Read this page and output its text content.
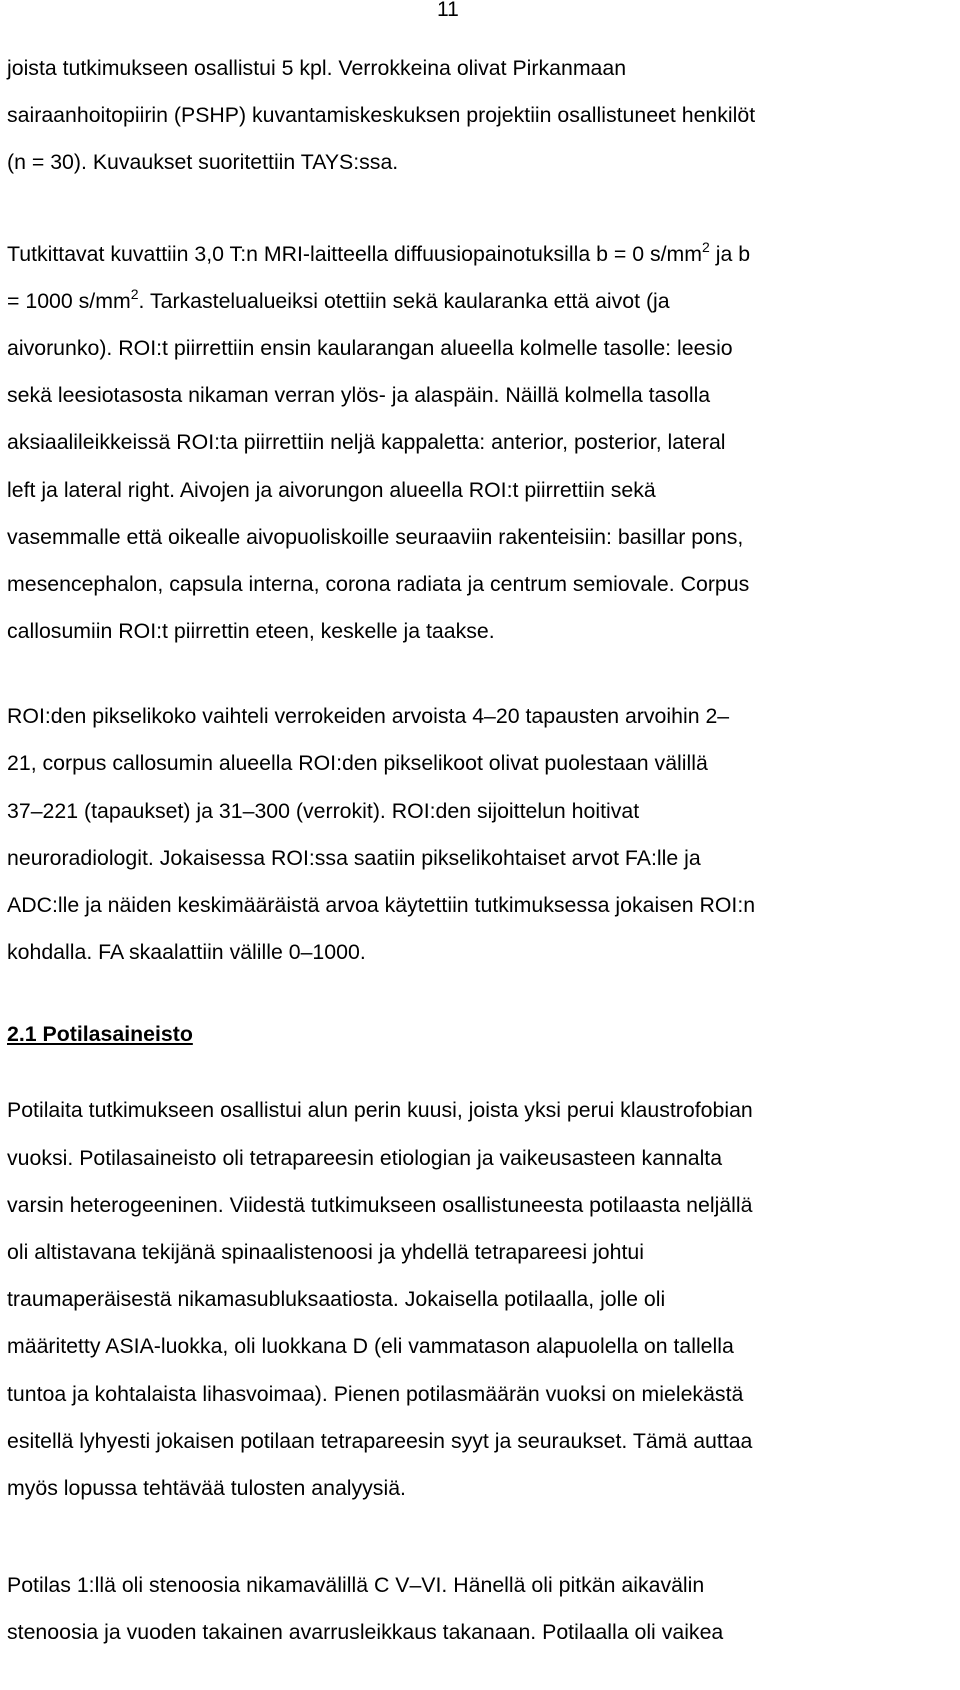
11

joista tutkimukseen osallistui 5 kpl. Verrokkeina olivat Pirkanmaan
sairaanhoitopiirin (PSHP) kuvantamiskeskuksen projektiin osallistuneet henkilöt
(n = 30). Kuvaukset suoritettiin TAYS:ssa.

Tutkittavat kuvattiin 3,0 T:n MRI-laitteella diffuusiopainotuksilla b = 0 $s/mm^2$ ja b
= 1000 $s/mm^2$. Tarkastelualueiksi otettiin sekä kaularanka että aivot (ja
aivorunko). ROI:t piirrettiin ensin kaularangan alueella kolmelle tasolle: leesio
sekä leesiotasosta nikaman verran ylös- ja alaspäin. Näillä kolmella tasolla
aksiaalileikkeissä ROI:ta piirrettiin neljä kappaletta: anterior, posterior, lateral
left ja lateral right. Aivojen ja aivorungon alueella ROI:t piirrettiin sekä
vasemmalle että oikealle aivopuoliskoille seuraaviin rakenteisiin: basillar pons,
mesencephalon, capsula interna, corona radiata ja centrum semiovale. Corpus
callosumiin ROI:t piirrettin eteen, keskelle ja taakse.

ROI:den pikselikoko vaihteli verrokeiden arvoista 4–20 tapausten arvoihin 2–
21, corpus callosumin alueella ROI:den pikselikoot olivat puolestaan välillä
37–221 (tapaukset) ja 31–300 (verrokit). ROI:den sijoittelun hoitivat
neuroradiologit. Jokaisessa ROI:ssa saatiin pikselikohtaiset arvot FA:lle ja
ADC:lle ja näiden keskimääräistä arvoa käytettiin tutkimuksessa jokaisen ROI:n
kohdalla. FA skaalattiin välille 0–1000.

2.1 Potilasaineisto

Potilaita tutkimukseen osallistui alun perin kuusi, joista yksi perui klaustrofobian
vuoksi. Potilasaineisto oli tetrapareesin etiologian ja vaikeusasteen kannalta
varsin heterogeeninen. Viidestä tutkimukseen osallistuneesta potilaasta neljällä
oli altistavana tekijänä spinaalistenoosi ja yhdellä tetrapareesi johtui
traumaperäisestä nikamasubluksaatiosta. Jokaisella potilaalla, jolle oli
määritetty ASIA-luokka, oli luokkana D (eli vammatason alapuolella on tallella
tuntoa ja kohtalaista lihasvoimaa). Pienen potilasmäärän vuoksi on mielekästä
esitellä lyhyesti jokaisen potilaan tetrapareesin syyt ja seuraukset. Tämä auttaa
myös lopussa tehtävää tulosten analyysiä.

Potilas 1:llä oli stenoosia nikamavälillä C V–VI. Hänellä oli pitkän aikavälin
stenoosia ja vuoden takainen avarrusleikkaus takanaan. Potilaalla oli vaikea
